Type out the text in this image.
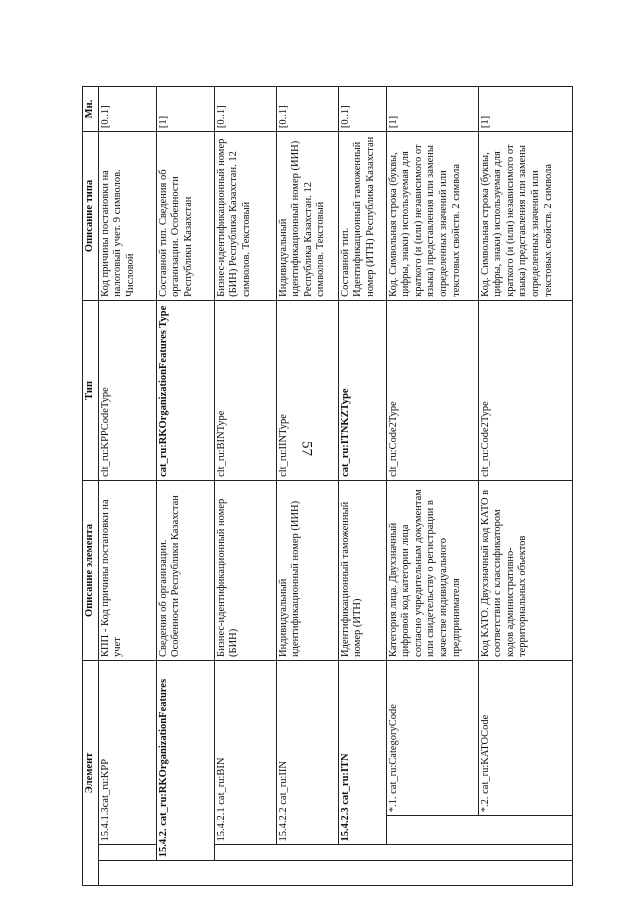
57
Элемент				Описание элемента	Тип	Описание типа	Мн.
		15.4.1.3cat_ru:KPP		КПП - Код причины постановки на учет	clt_ru:KPPCodeType	Код причины постановки на налоговый учет. 9 символов. Числовой	[0..1]
	15.4.2. cat_ru:RKOrganizationFeatures			Сведения об организации. Особенности Республики Казахстан	cat_ru:RKOrganizationFeatures Type	Составной тип. Сведения об организации. Особенности Республики Казахстан	[1]
		15.4.2.1 cat_ru:BIN		Бизнес-идентификационный номер (БИН)	clt_ru:BINType	Бизнес-идентификационный номер (БИН) Республика Казахстан. 12 символов. Текстовый	[0..1]
		15.4.2.2 cat_ru:IIN		Индивидуальный идентификационный номер (ИИН)	clt_ru:IINType	Индивидуальный идентификационный номер (ИИН) Республика Казахстан. 12 символов. Текстовый	[0..1]
		15.4.2.3 cat_ru:ITN		Идентификационный таможенный номер (ИТН)	cat_ru:ITNKZType	Составной тип. Идентификационный таможенный номер (ИТН) Республика Казахстан	[0..1]
			*.1. cat_ru:CategoryCode	Категория лица. Двухзначный цифровой код категории лица согласно учредительным документам или свидетельству о регистрации в качестве индивидуального предпринимателя	clt_ru:Code2Type	Код. Символьная строка (буквы, цифры, знаки) используемая для краткого (и (или) независимого от языка) представления или замены определенных значений или текстовых свойств. 2 символа	[1]
			*.2. cat_ru:KATOCode	Код КАТО. Двухзначный код КАТО в соответствии с классификатором кодов административно-территориальных объектов	clt_ru:Code2Type	Код. Символьная строка (буквы, цифры, знаки) используемая для краткого (и (или) независимого от языка) представления или замены определенных значений или текстовых свойств. 2 символа	[1]
